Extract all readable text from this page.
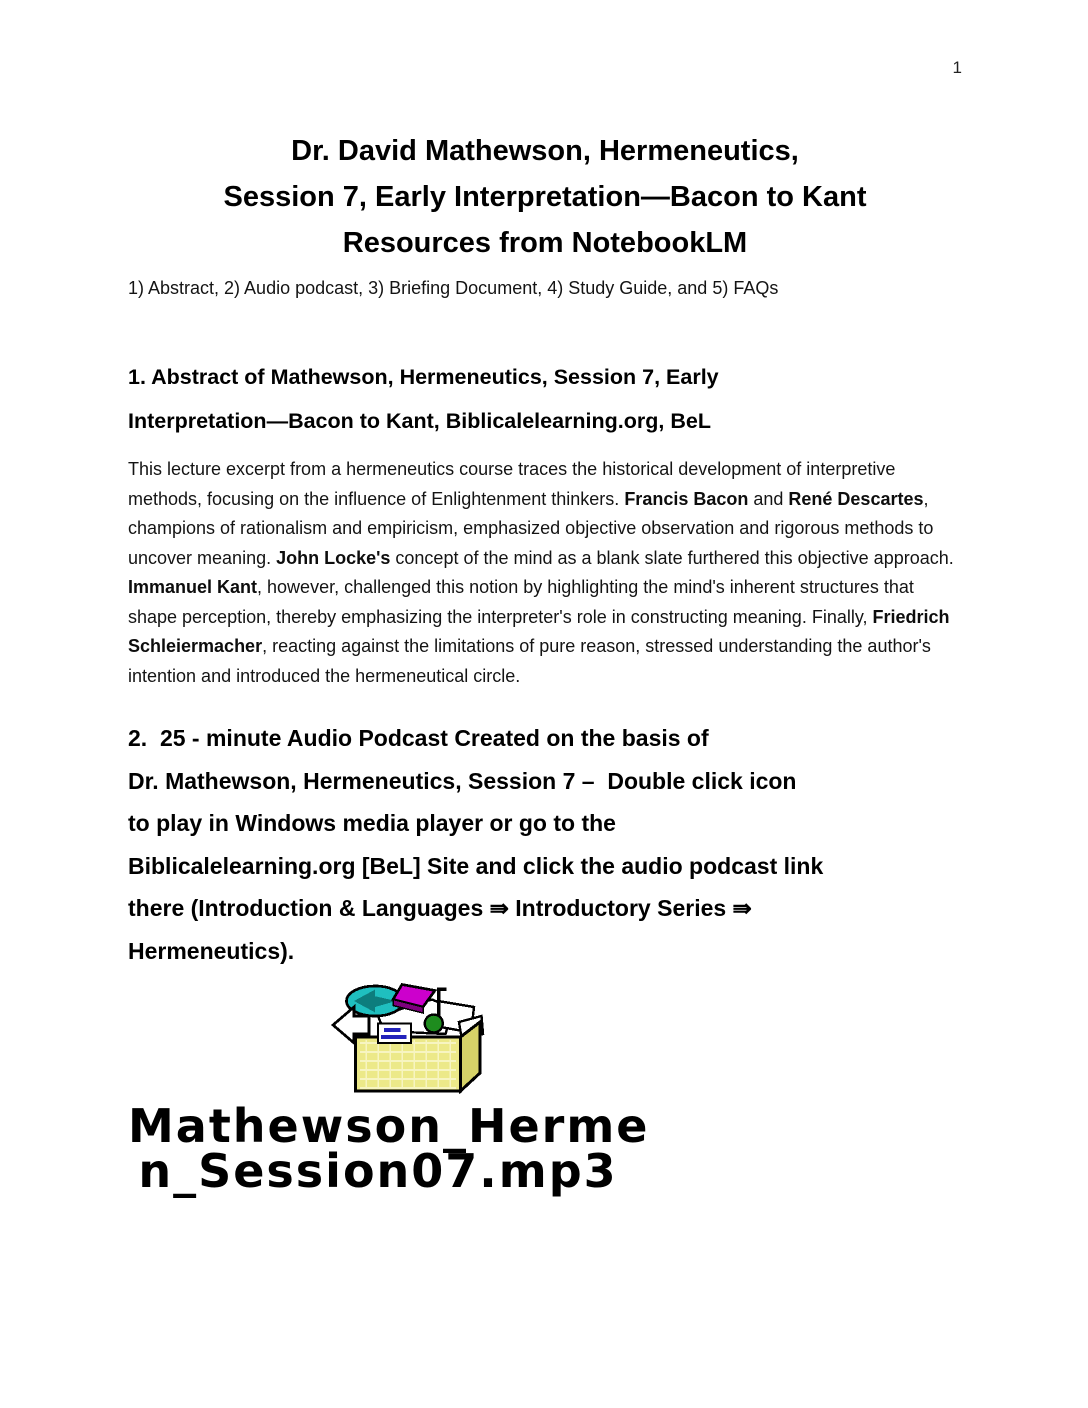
1
Dr. David Mathewson, Hermeneutics,
Session 7, Early Interpretation—Bacon to Kant
Resources from NotebookLM
1) Abstract, 2) Audio podcast, 3) Briefing Document, 4) Study Guide, and 5) FAQs
1. Abstract of Mathewson, Hermeneutics, Session 7, Early
Interpretation—Bacon to Kant, Biblicalelearning.org, BeL
This lecture excerpt from a hermeneutics course traces the historical development of interpretive methods, focusing on the influence of Enlightenment thinkers. Francis Bacon and René Descartes, champions of rationalism and empiricism, emphasized objective observation and rigorous methods to uncover meaning. John Locke's concept of the mind as a blank slate furthered this objective approach. Immanuel Kant, however, challenged this notion by highlighting the mind's inherent structures that shape perception, thereby emphasizing the interpreter's role in constructing meaning. Finally, Friedrich Schleiermacher, reacting against the limitations of pure reason, stressed understanding the author's intention and introduced the hermeneutical circle.
2.  25 - minute Audio Podcast Created on the basis of
Dr. Mathewson, Hermeneutics, Session 7 –  Double click icon
to play in Windows media player or go to the
Biblicalelearning.org [BeL] Site and click the audio podcast link
there (Introduction & Languages ⇛ Introductory Series ⇛
Hermeneutics).
Mathewson_Herme
n_Session07.mp3
